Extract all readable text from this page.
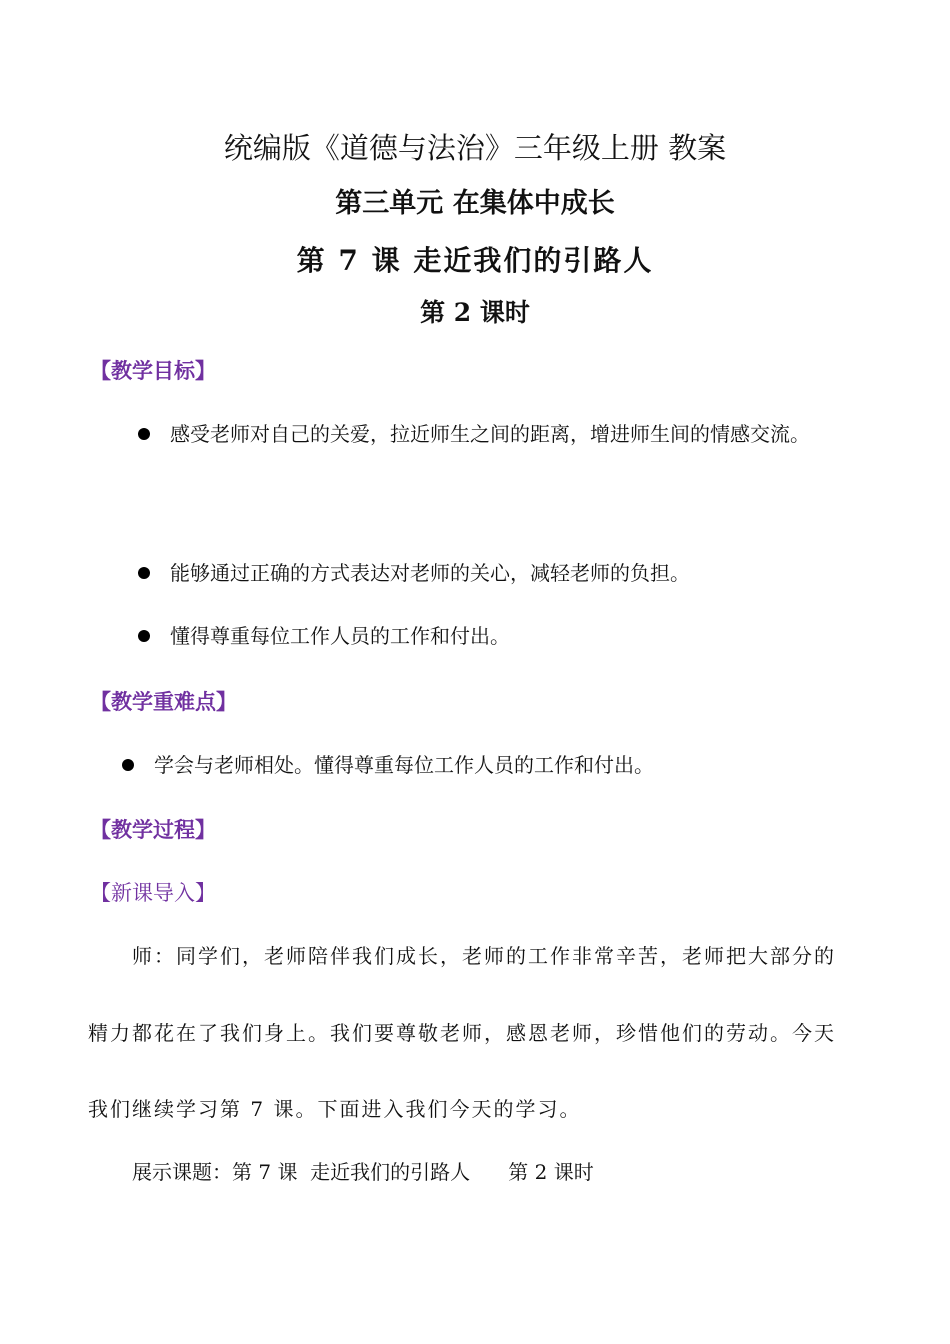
统编版《道德与法治》三年级上册 教案
第三单元 在集体中成长
第 7 课 走近我们的引路人
第 2 课时
【教学目标】
感受老师对自己的关爱，拉近师生之间的距离，增进师生间的情感交流。
能够通过正确的方式表达对老师的关心，减轻老师的负担。
懂得尊重每位工作人员的工作和付出。
【教学重难点】
学会与老师相处。懂得尊重每位工作人员的工作和付出。
【教学过程】
【新课导入】
师：同学们，老师陪伴我们成长，老师的工作非常辛苦，老师把大部分的
精力都花在了我们身上。我们要尊敬老师，感恩老师，珍惜他们的劳动。今天
我们继续学习第 7 课。下面进入我们今天的学习。
展示课题：第 7 课  走近我们的引路人      第 2 课时
